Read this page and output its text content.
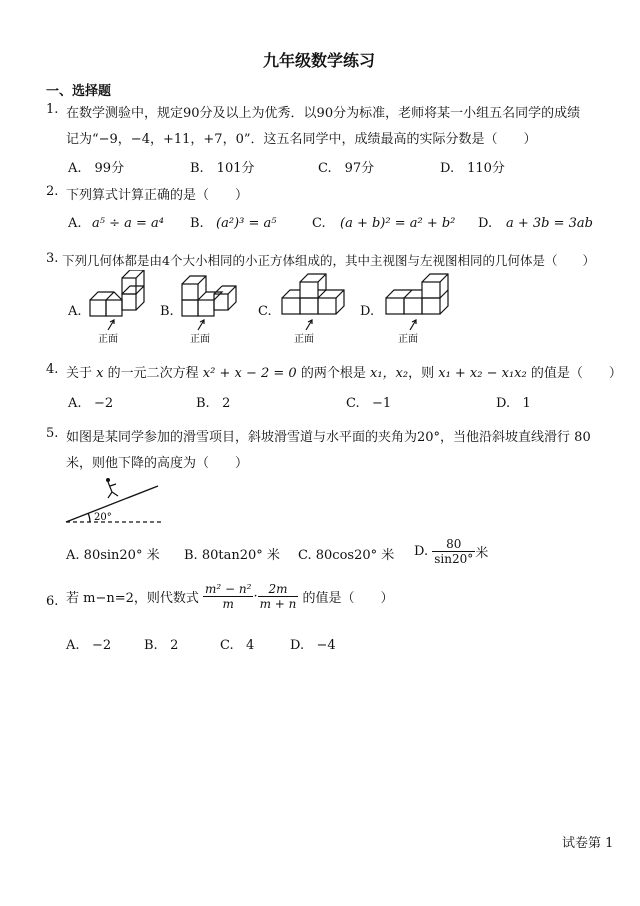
九年级数学练习
一、选择题
1. 在数学测验中，规定90分及以上为优秀．以90分为标准，老师将某一小组五名同学的成绩
记为“−9，−4，+11，+7，0”．这五名同学中，成绩最高的实际分数是（　　）
A.　99分	B.　101分	C.　97分	D.　110分
2. 下列算式计算正确的是（　　）
A. a⁵ ÷ a = a⁴ B. (a²)³ = a⁵	C. (a + b)² = a² + b² D. a + 3b = 3ab
3. 下列几何体都是由4个大小相同的小正方体组成的，其中主视图与左视图相同的几何体是（　　）
A.
正面
B.
正面
C.
正面
D.
正面
4. 关于 x 的一元二次方程 x² + x − 2 = 0 的两个根是 x₁，x₂，则 x₁ + x₂ − x₁x₂ 的值是（　　）
A. −2	B. 2	C. −1	D. 1
5. 如图是某同学参加的滑雪项目，斜坡滑雪道与水平面的夹角为20°，当他沿斜坡直线滑行 80
米，则他下降的高度为（　　）
20°
A. 80sin20° 米 B. 80tan20° 米 C. 80cos20° 米 D. $\frac{80}{\sin 20^\circ}$ 米
6. 若 m−n=2，则代数式 $\frac{\text{m² − n²}}{m} \cdot \frac{2m}{m + n}$ 的值是（　　）
A. −2	B. 2	C. 4	D. −4
试卷第 1
